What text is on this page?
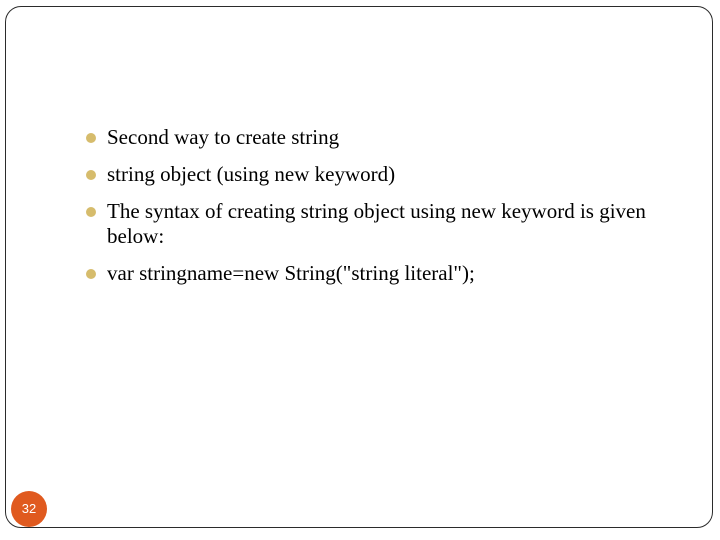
Second way to create string
string object (using new keyword)
The syntax of creating string object using new keyword is given below:
var stringname=new String("string literal");
32
